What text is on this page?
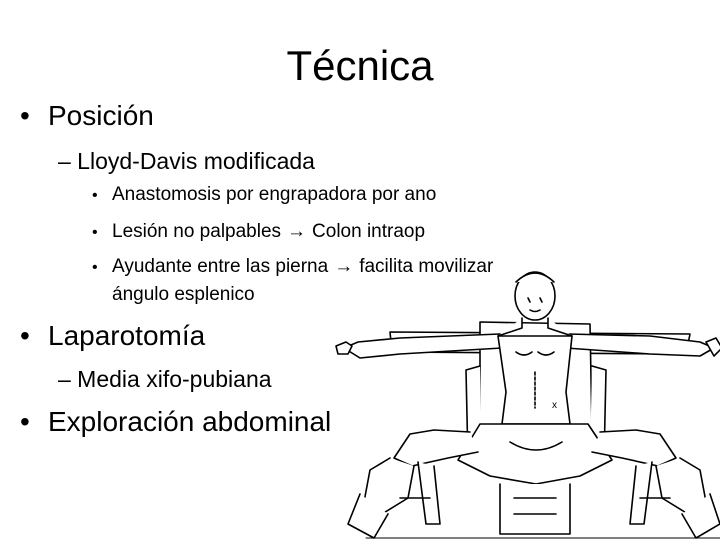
Técnica
• Posición
– Lloyd-Davis modificada
• Anastomosis por engrapadora por ano
• Lesión no palpables → Colon intraop
• Ayudante entre las pierna → facilita movilizar
ángulo esplenico
• Laparotomía
– Media xifo-pubiana
• Exploración abdominal
x
